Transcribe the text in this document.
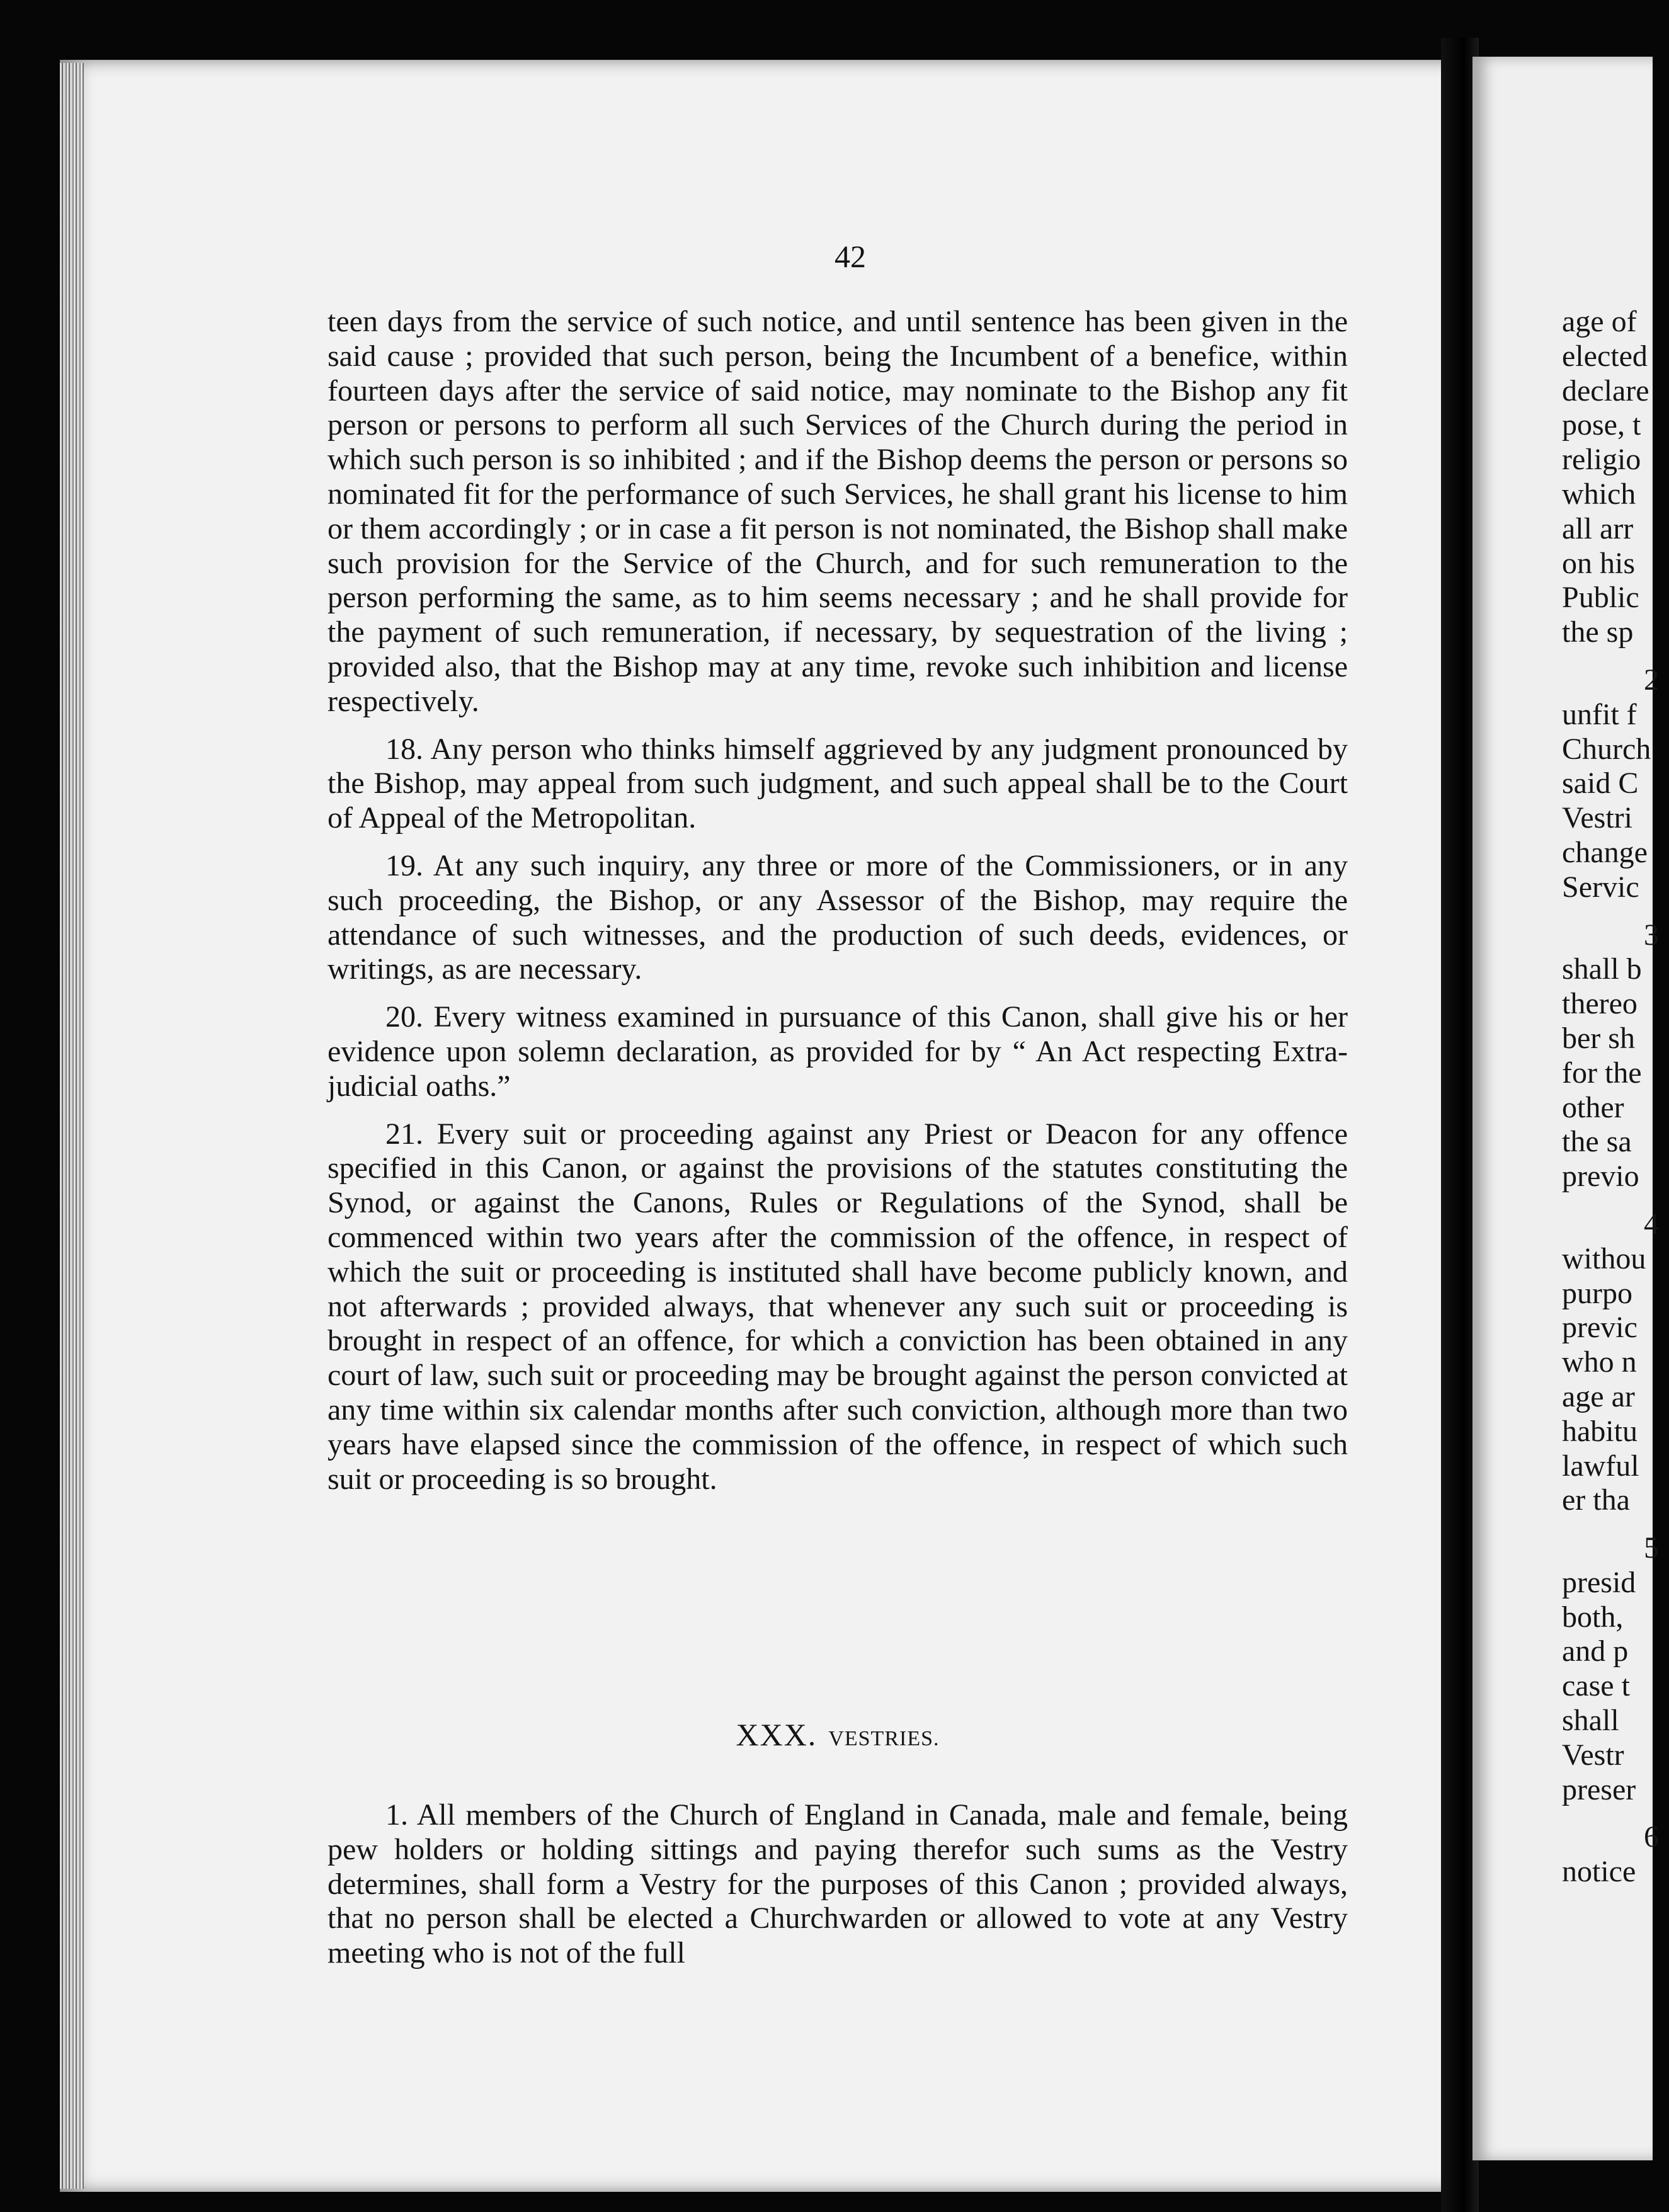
42

teen days from the service of such notice, and until sentence has been given in the said cause ; provided that such person, being the Incumbent of a benefice, within fourteen days after the service of said notice, may nominate to the Bishop any fit person or persons to perform all such Services of the Church during the period in which such person is so inhibited ; and if the Bishop deems the person or persons so nominated fit for the performance of such Services, he shall grant his license to him or them accordingly ; or in case a fit person is not nominated, the Bishop shall make such provision for the Service of the Church, and for such remuneration to the person performing the same, as to him seems necessary ; and he shall provide for the payment of such remuneration, if necessary, by sequestration of the living ; provided also, that the Bishop may at any time, revoke such inhibition and license respectively.

18. Any person who thinks himself aggrieved by any judgment pronounced by the Bishop, may appeal from such judgment, and such appeal shall be to the Court of Appeal of the Metropolitan.

19. At any such inquiry, any three or more of the Commissioners, or in any such proceeding, the Bishop, or any Assessor of the Bishop, may require the attendance of such witnesses, and the production of such deeds, evidences, or writings, as are necessary.

20. Every witness examined in pursuance of this Canon, shall give his or her evidence upon solemn declaration, as provided for by “ An Act respecting Extra-judicial oaths.”

21. Every suit or proceeding against any Priest or Deacon for any offence specified in this Canon, or against the provisions of the statutes constituting the Synod, or against the Canons, Rules or Regulations of the Synod, shall be commenced within two years after the commission of the offence, in respect of which the suit or proceeding is instituted shall have become publicly known, and not afterwards ; provided always, that whenever any such suit or proceeding is brought in respect of an offence, for which a conviction has been obtained in any court of law, such suit or proceeding may be brought against the person convicted at any time within six calendar months after such conviction, although more than two years have elapsed since the commission of the offence, in respect of which such suit or proceeding is so brought.

XXX. VESTRIES.

1. All members of the Church of England in Canada, male and female, being pew holders or holding sittings and paying therefor such sums as the Vestry determines, shall form a Vestry for the purposes of this Canon ; provided always, that no person shall be elected a Churchwarden or allowed to vote at any Vestry meeting who is not of the full

age of
elected
declare
pose, t
religio
which
all arr
on his
Public
the sp
2
unfit f
Church
said C
Vestri
change
Servic
3
shall b
thereo
ber sh
for the
other
the sa
previo
4
withou
purpo
previc
who n
age ar
habitu
lawful
er tha
5
presid
both,
and p
case t
shall
Vestr
preser
6
notice
